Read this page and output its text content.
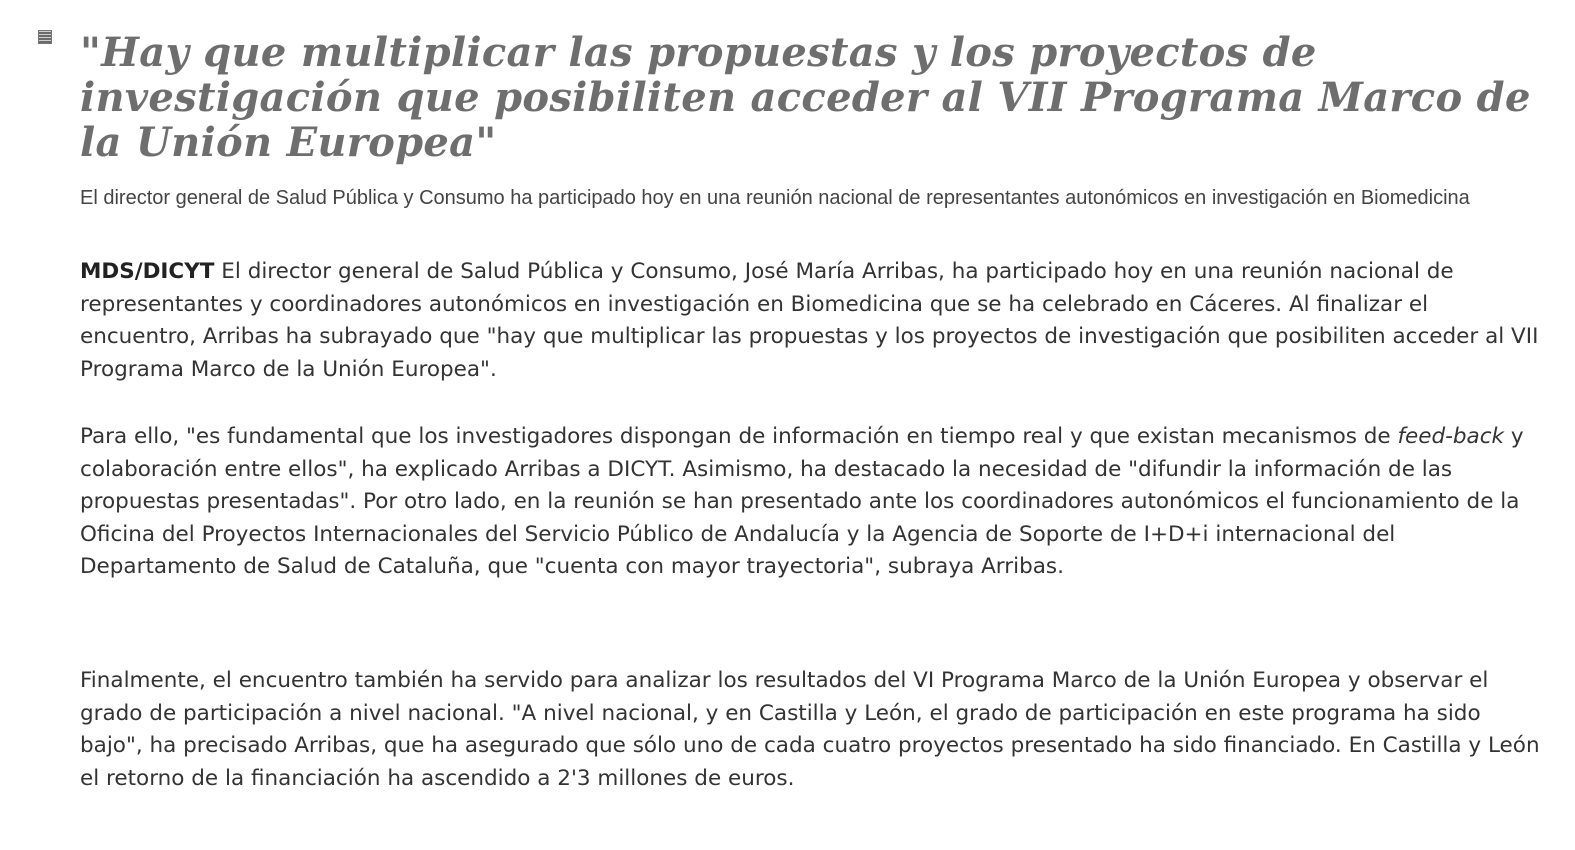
"Hay que multiplicar las propuestas y los proyectos de investigación que posibiliten acceder al VII Programa Marco de la Unión Europea"

El director general de Salud Pública y Consumo ha participado hoy en una reunión nacional de representantes autonómicos en investigación en Biomedicina

MDS/DICYT El director general de Salud Pública y Consumo, José María Arribas, ha participado hoy en una reunión nacional de representantes y coordinadores autonómicos en investigación en Biomedicina que se ha celebrado en Cáceres. Al finalizar el encuentro, Arribas ha subrayado que "hay que multiplicar las propuestas y los proyectos de investigación que posibiliten acceder al VII Programa Marco de la Unión Europea".

Para ello, "es fundamental que los investigadores dispongan de información en tiempo real y que existan mecanismos de feed-back y colaboración entre ellos", ha explicado Arribas a DICYT. Asimismo, ha destacado la necesidad de "difundir la información de las propuestas presentadas". Por otro lado, en la reunión se han presentado ante los coordinadores autonómicos el funcionamiento de la Oficina del Proyectos Internacionales del Servicio Público de Andalucía y la Agencia de Soporte de I+D+i internacional del Departamento de Salud de Cataluña, que "cuenta con mayor trayectoria", subraya Arribas.

Finalmente, el encuentro también ha servido para analizar los resultados del VI Programa Marco de la Unión Europea y observar el grado de participación a nivel nacional. "A nivel nacional, y en Castilla y León, el grado de participación en este programa ha sido bajo", ha precisado Arribas, que ha asegurado que sólo uno de cada cuatro proyectos presentado ha sido financiado. En Castilla y León el retorno de la financiación ha ascendido a 2'3 millones de euros.
